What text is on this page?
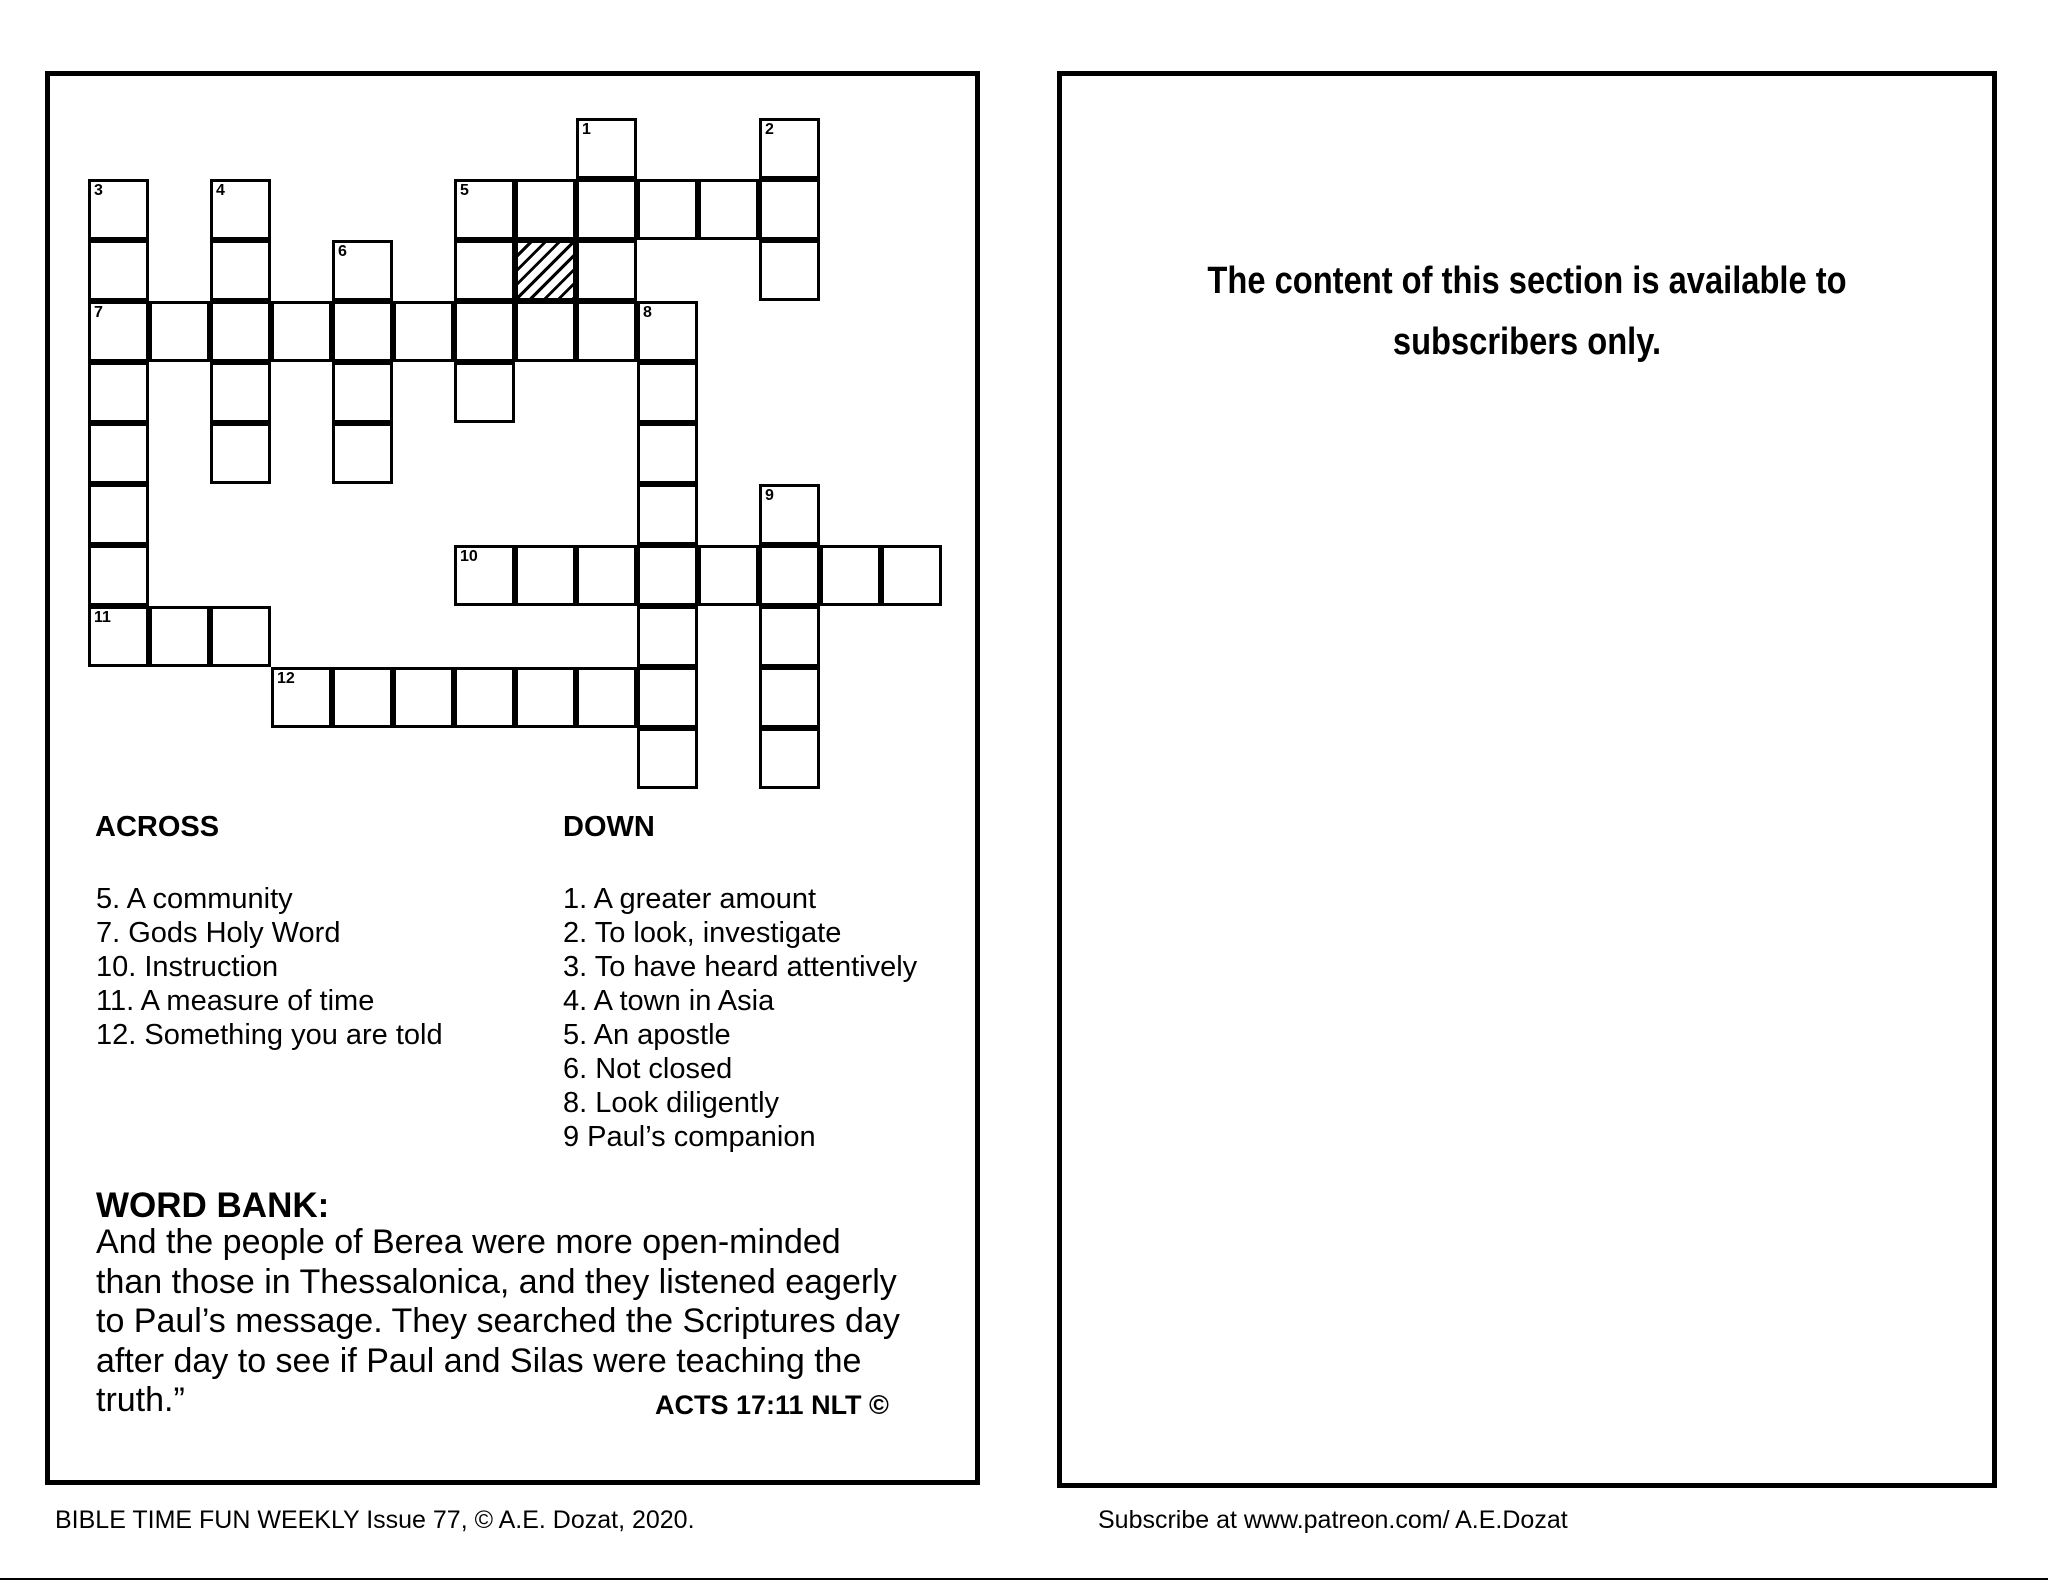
1	2
3	4	5
6
7	8
9
10
11
12
ACROSS
5. A community
7. Gods Holy Word
10. Instruction
11. A measure of time
12. Something you are told
DOWN
1. A greater amount
2. To look, investigate
3. To have heard attentively
4. A town in Asia
5. An apostle
6. Not closed
8. Look diligently
9 Paul’s companion
WORD BANK:

And the people of Berea were more open-minded than those in Thessalonica, and they listened eagerly to Paul’s message. They searched the Scriptures day after day to see if Paul and Silas were teaching the truth.”	ACTS 17:11 NLT ©

The content of this section is available to
subscribers only.

BIBLE TIME FUN WEEKLY Issue 77, © A.E. Dozat, 2020.	Subscribe at www.patreon.com/ A.E.Dozat
